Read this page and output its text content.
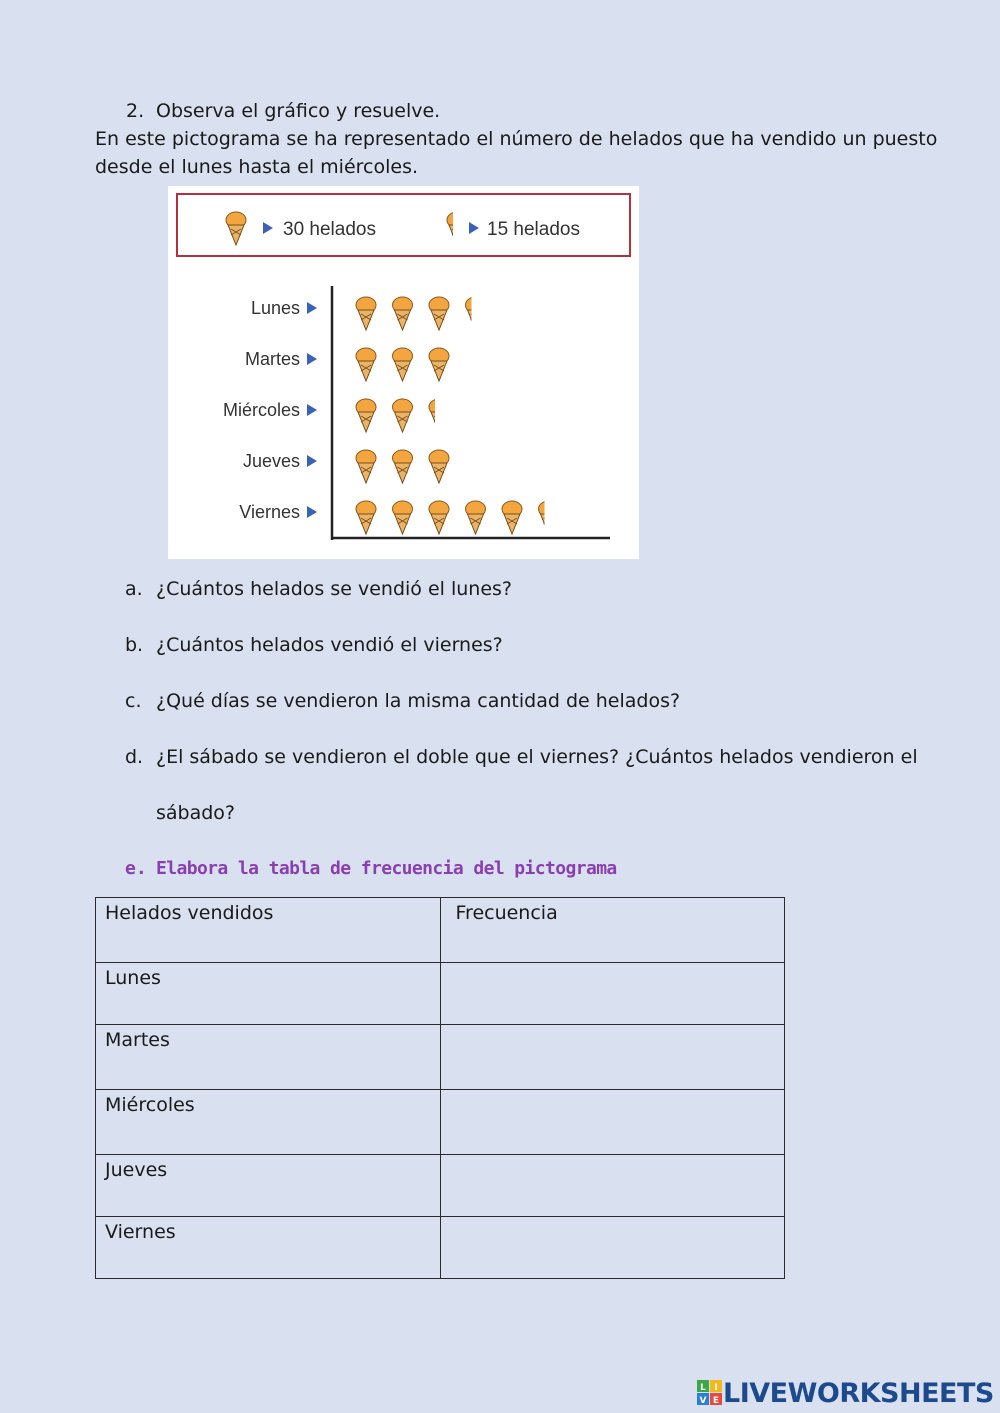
2. Observa el gráfico y resuelve.
En este pictograma se ha representado el número de helados que ha vendido un puesto
desde el lunes hasta el miércoles.
30 helados	15 helados
Lunes
Martes
Miércoles
Jueves
Viernes
a. ¿Cuántos helados se vendió el lunes?
b. ¿Cuántos helados vendió el viernes?
c. ¿Qué días se vendieron la misma cantidad de helados?
d. ¿El sábado se vendieron el doble que el viernes? ¿Cuántos helados vendieron el
sábado?
e. Elabora la tabla de frecuencia del pictograma
Helados vendidos	Frecuencia
Lunes	
Martes	
Miércoles	
Jueves	
Viernes	
L I
V E LIVEWORKSHEETS
